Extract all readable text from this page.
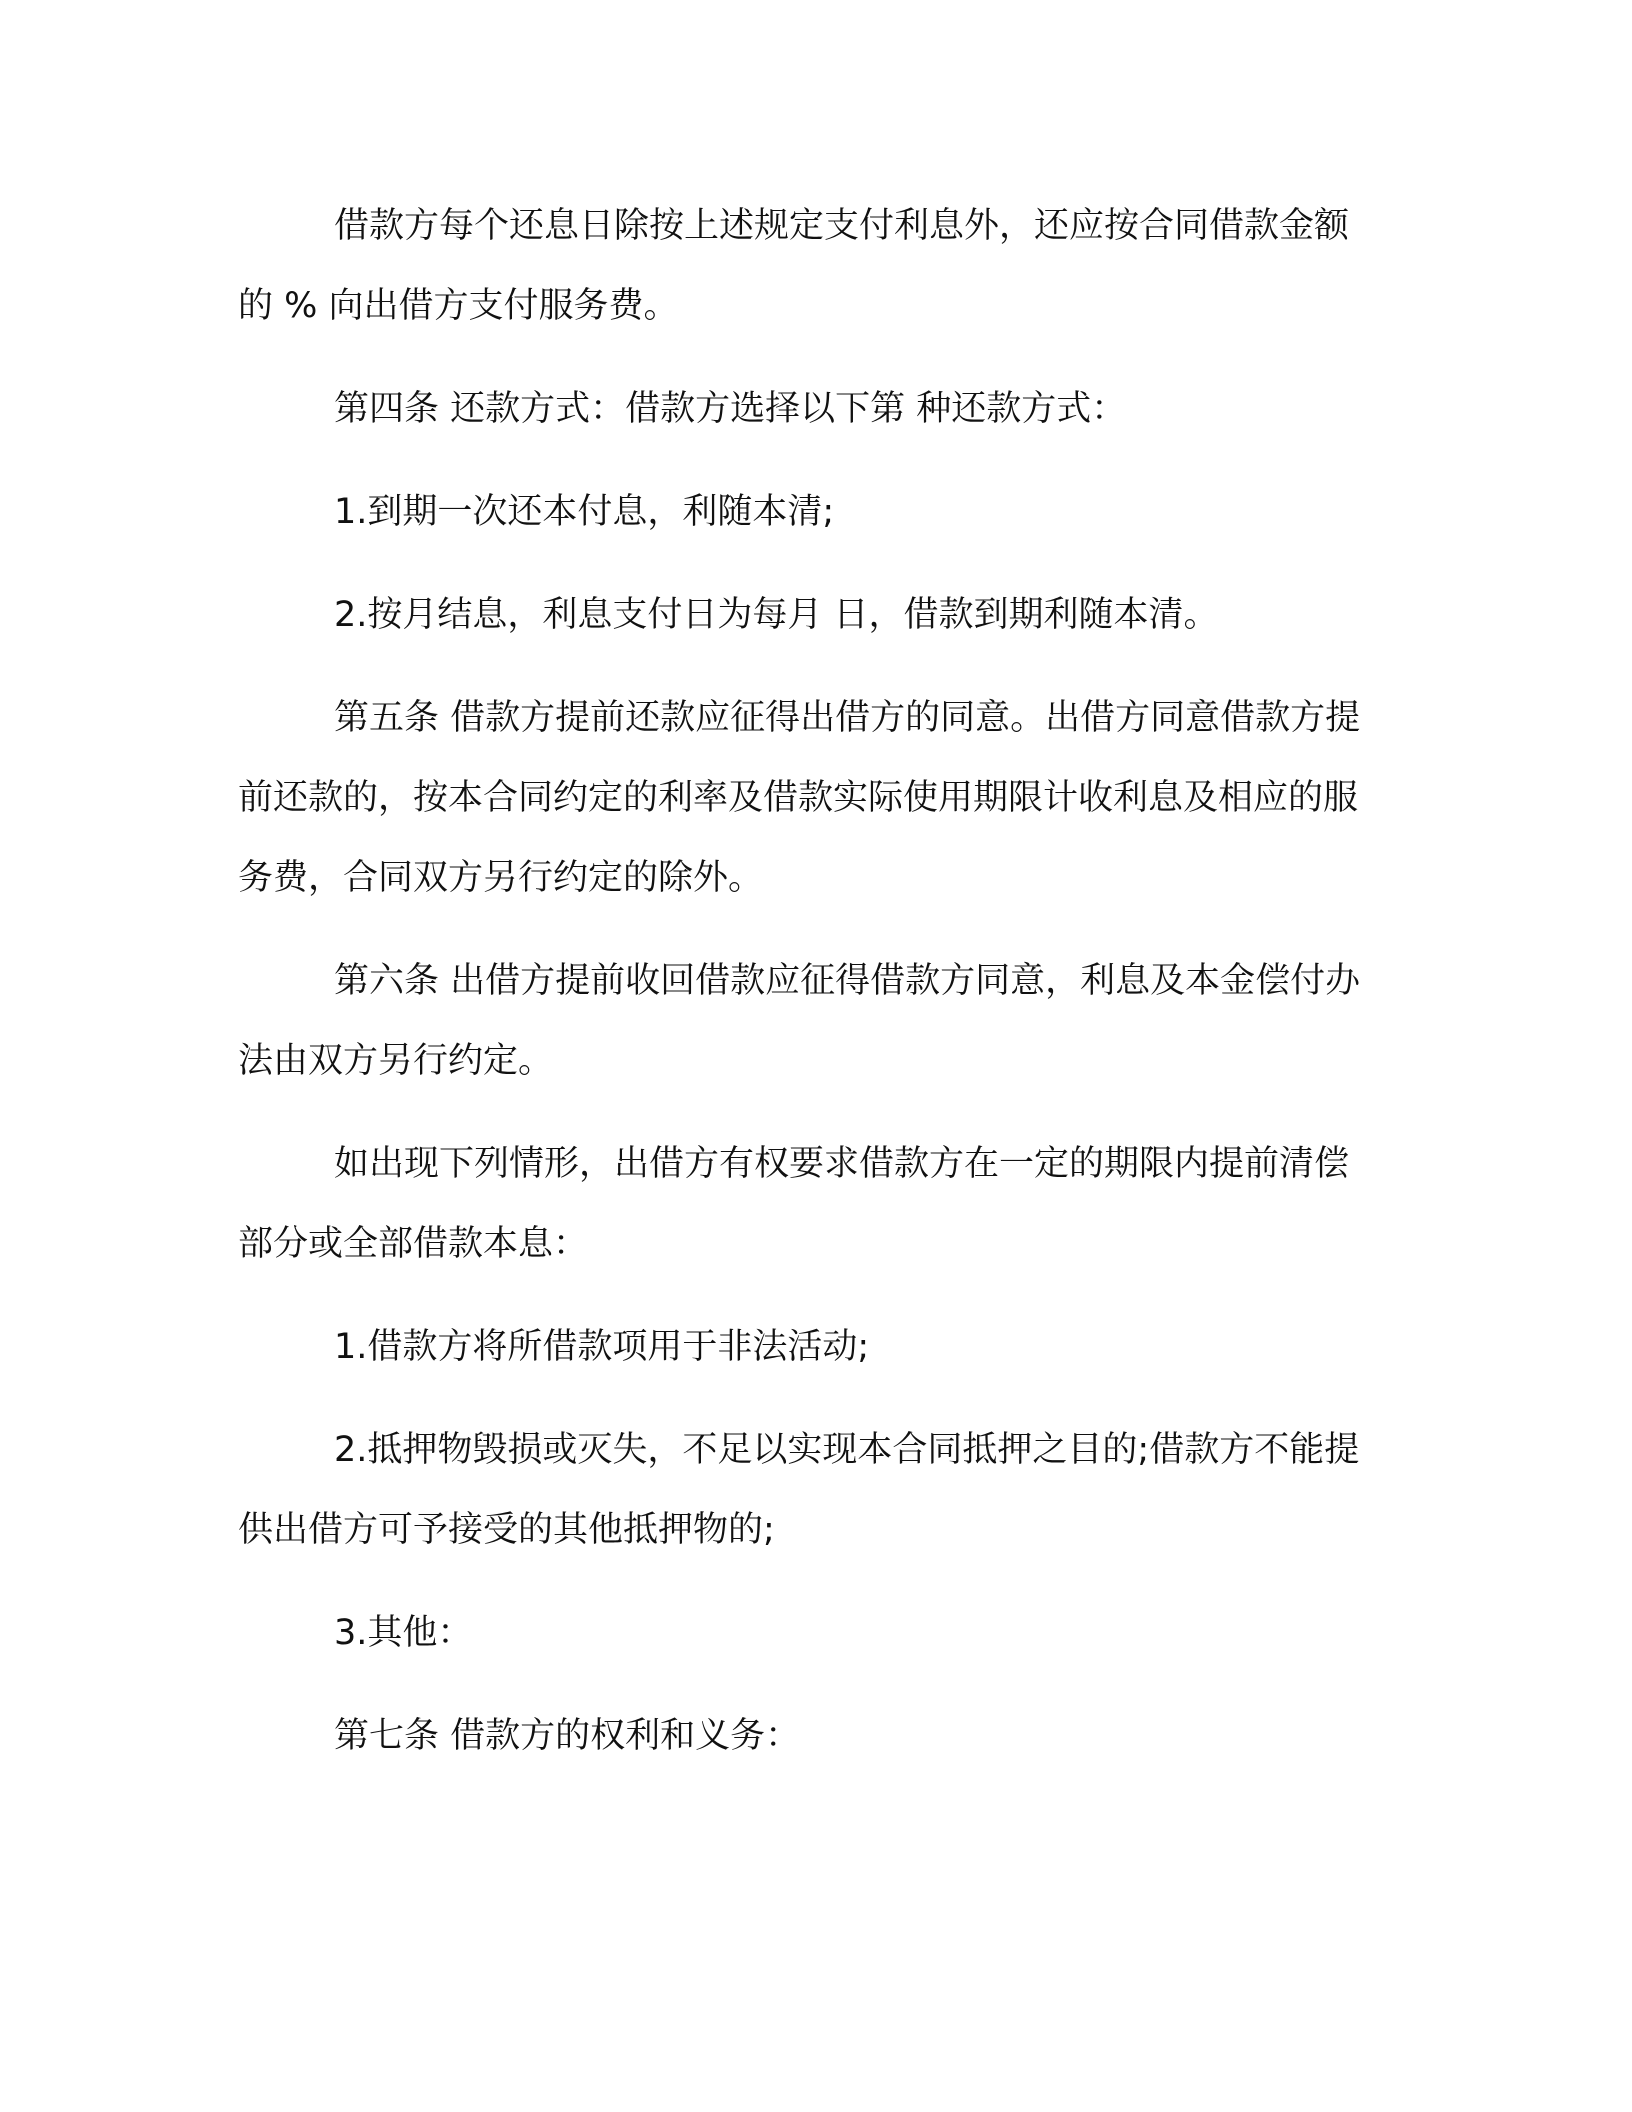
借款方每个还息日除按上述规定支付利息外，还应按合同借款金额的 % 向出借方支付服务费。

第四条 还款方式：借款方选择以下第 种还款方式：

1.到期一次还本付息，利随本清;

2.按月结息，利息支付日为每月 日，借款到期利随本清。

第五条 借款方提前还款应征得出借方的同意。出借方同意借款方提前还款的，按本合同约定的利率及借款实际使用期限计收利息及相应的服务费，合同双方另行约定的除外。

第六条 出借方提前收回借款应征得借款方同意，利息及本金偿付办法由双方另行约定。

如出现下列情形，出借方有权要求借款方在一定的期限内提前清偿部分或全部借款本息：

1.借款方将所借款项用于非法活动;

2.抵押物毁损或灭失，不足以实现本合同抵押之目的;借款方不能提供出借方可予接受的其他抵押物的;

3.其他：

第七条 借款方的权利和义务：
